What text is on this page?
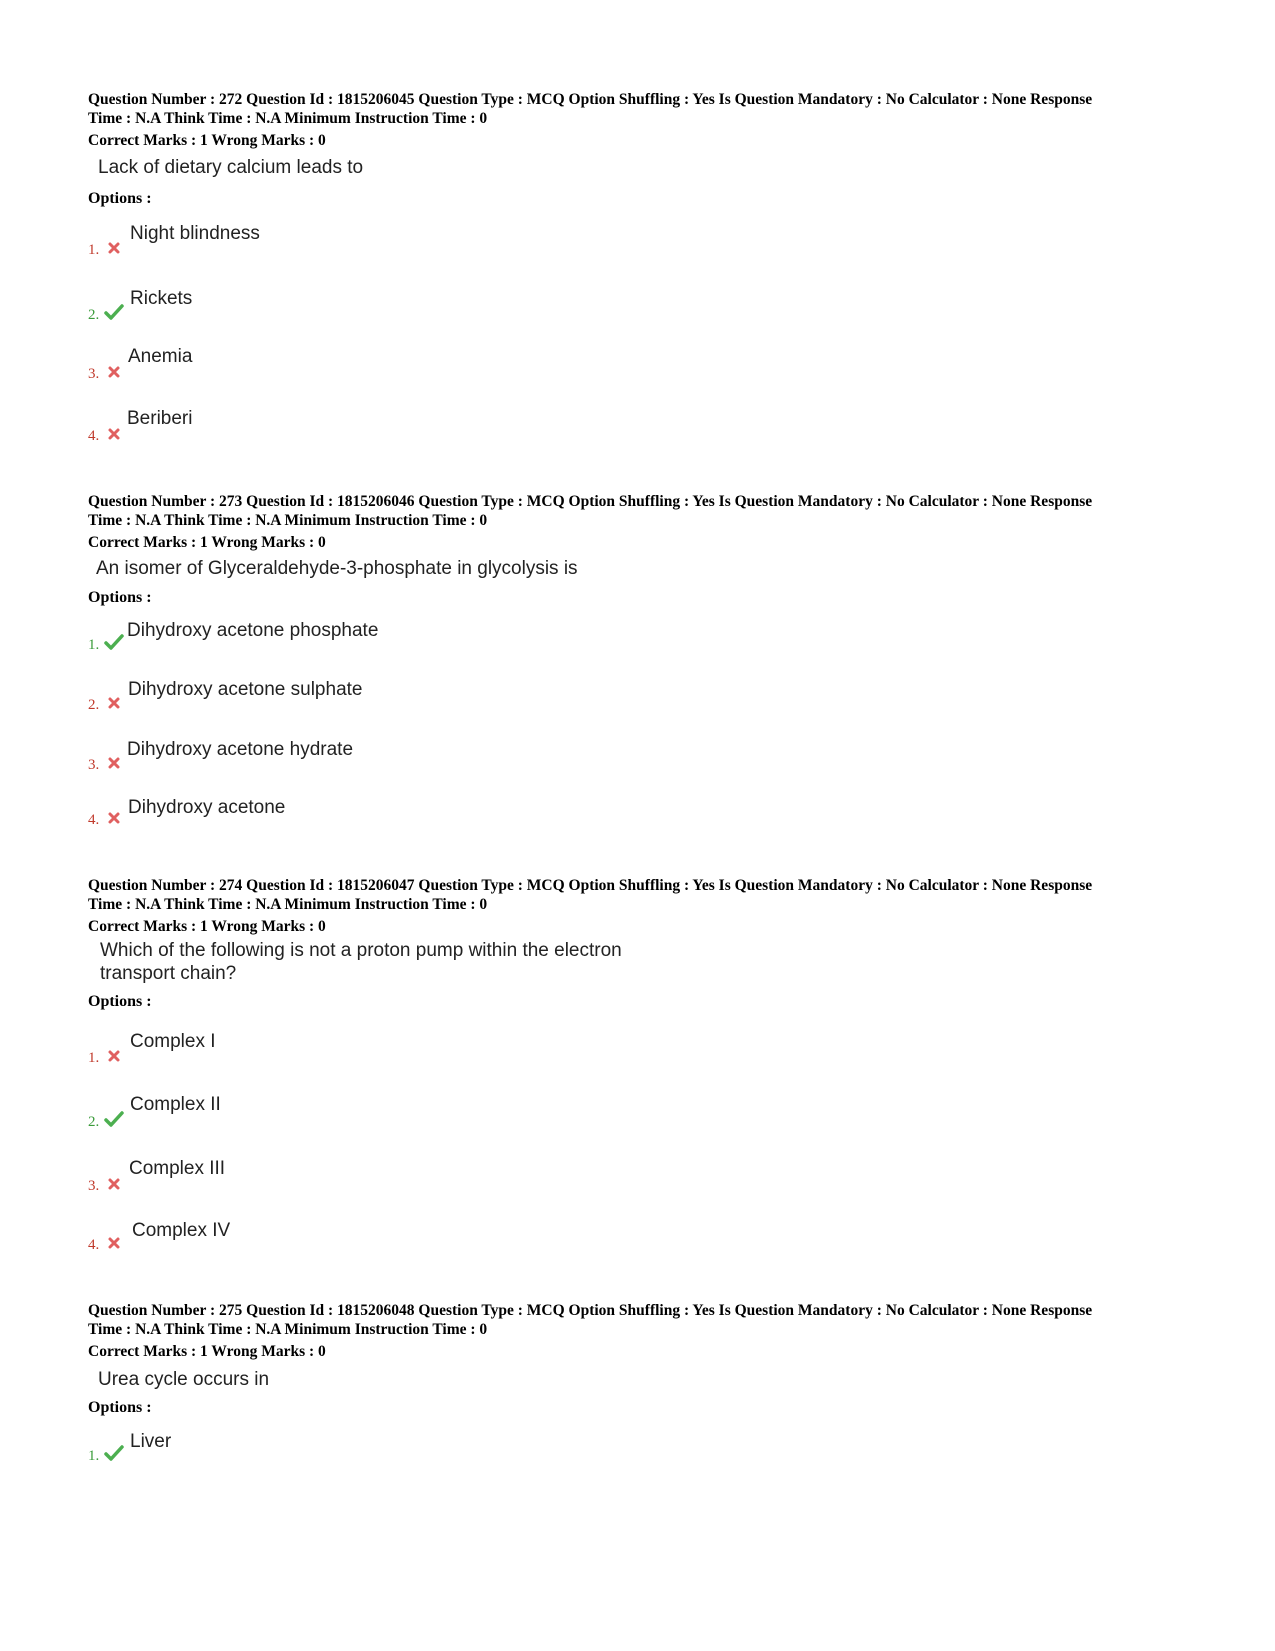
Question Number : 272 Question Id : 1815206045 Question Type : MCQ Option Shuffling : Yes Is Question Mandatory : No Calculator : None Response
Time : N.A Think Time : N.A Minimum Instruction Time : 0
Correct Marks : 1 Wrong Marks : 0
Lack of dietary calcium leads to
Options :
1.
Night blindness
2.
Rickets
3.
Anemia
4.
Beriberi
Question Number : 273 Question Id : 1815206046 Question Type : MCQ Option Shuffling : Yes Is Question Mandatory : No Calculator : None Response
Time : N.A Think Time : N.A Minimum Instruction Time : 0
Correct Marks : 1 Wrong Marks : 0
An isomer of Glyceraldehyde-3-phosphate in glycolysis is
Options :
1.
Dihydroxy acetone phosphate
2.
Dihydroxy acetone sulphate
3.
Dihydroxy acetone hydrate
4.
Dihydroxy acetone
Question Number : 274 Question Id : 1815206047 Question Type : MCQ Option Shuffling : Yes Is Question Mandatory : No Calculator : None Response
Time : N.A Think Time : N.A Minimum Instruction Time : 0
Correct Marks : 1 Wrong Marks : 0
Which of the following is not a proton pump within the electron
transport chain?
Options :
1.
Complex I
2.
Complex II
3.
Complex III
4.
Complex IV
Question Number : 275 Question Id : 1815206048 Question Type : MCQ Option Shuffling : Yes Is Question Mandatory : No Calculator : None Response
Time : N.A Think Time : N.A Minimum Instruction Time : 0
Correct Marks : 1 Wrong Marks : 0
Urea cycle occurs in
Options :
1.
Liver
